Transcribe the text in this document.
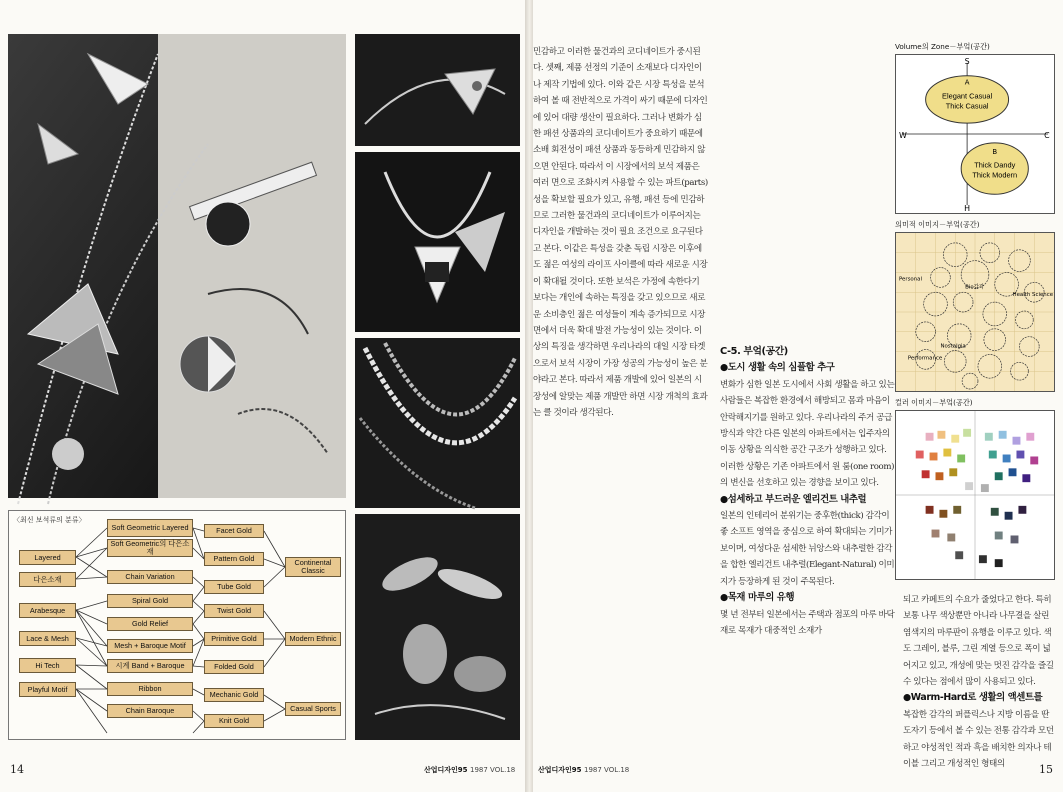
〈최신 보석류의 분류〉
Layered
다은소재
Arabesque
Lace & Mesh
Hi Tech
Playful Motif
Soft Geometric Layered
Soft Geometric의 다은소재
Chain Variation
Spiral Gold
Gold Relief
Mesh + Baroque Motif
시계 Band + Baroque
Ribbon
Chain Baroque
Facet Gold
Pattern Gold
Tube Gold
Twist Gold
Primitive Gold
Folded Gold
Mechanic Gold
Knit Gold
Continental Classic
Modern Ethnic
Casual Sports
14	산업디자인95 1987 VOL.18

민감하고 이러한 물건과의 코디네이트가 중시된다. 셋째, 제품 선정의 기준이 소재보다 디자인이나 제작 기법에 있다. 이와 같은 시장 특성을 분석하여 볼 때 전반적으로 가격이 싸기 때문에 디자인에 있어 대량 생산이 필요하다. 그러나 변화가 심한 패션 상품과의 코디네이트가 중요하기 때문에 소배 회전성이 패션 상품과 동등하게 민감하지 않으면 안된다. 따라서 이 시장에서의 보석 제품은 여러 면으로 조화시켜 사용할 수 있는 파트(parts)성을 확보할 필요가 있고, 유행, 패션 등에 민감하므로 그러한 물건과의 코디네이트가 이루어지는 디자인을 개발하는 것이 필요 조건으로 요구된다고 본다. 이같은 특성을 갖춘 독립 시장은 이후에도 젊은 여성의 라이프 사이클에 따라 새로운 시장이 확대될 것이다. 또한 보석은 가정에 속한다기 보다는 개인에 속하는 특징을 갖고 있으므로 새로운 소비층인 젊은 여성들이 계속 증가되므로 시장면에서 더욱 확대 발전 가능성이 있는 것이다. 이상의 특징을 생각하면 우리나라의 대일 시장 타겟으로서 보석 시장이 가장 성공의 가능성이 높은 분야라고 본다. 따라서 제품 개발에 있어 일본의 시장성에 알맞는 제품 개발만 하면 시장 개척의 효과는 클 것이라 생각된다.

C-5. 부엌(공간)
●도시 생활 속의 심플함 추구

변화가 심한 일본 도시에서 사회 생활을 하고 있는 사람들은 복잡한 환경에서 해방되고 몸과 마음이 안락해지기를 원하고 있다. 우리나라의 주거 공급 방식과 약간 다른 일본의 아파트에서는 입주자의 이동 상황을 의식한 공간 구조가 성행하고 있다. 이러한 상황은 기존 아파트에서 원 룸(one room)의 변신을 선호하고 있는 경향을 보이고 있다.

●섬세하고 부드러운 엘리건트 내추럴

일본의 인테리어 분위기는 중후한(thick) 감각이 좋 소프트 영역을 중심으로 하여 확대되는 기미가 보이며, 여성다운 섬세한 뉘앙스와 내추럴한 감각을 합한 엘리건트 내추럴(Elegant-Natural) 이미지가 등장하게 된 것이 주목된다.

●목재 마루의 유행

몇 년 전부터 일본에서는 주택과 점포의 마루 바닥재로 목재가 대중적인 소재가

되고 카페트의 수요가 줄었다고 한다. 특히 보통 나무 색상뿐만 아니라 나무결을 살린 염색지의 마루판이 유행을 이루고 있다. 색도 그레이, 블루, 그린 계열 등으로 폭이 넓어지고 있고, 개성에 맞는 멋진 감각을 즐길 수 있다는 점에서 많이 사용되고 있다.

●Warm-Hard로 생활의 액센트를

복잡한 감각의 퍼플릭스나 지방 이름을 딴 도자기 등에서 볼 수 있는 전통 감각과 모던하고 야성적인 적과 흑을 배치한 의자나 테이블 그리고 개성적인 형태의

Volume의 Zone－부엌(공간)
S
H
W	C
A
Elegant Casual
Thick Casual
B
Thick Dandy
Thick Modern
의미적 이미지－부엌(공간)
Personal
Health Science
Bio감각
Performance
Nostalgia
컬러 이미지－부엌(공간)
산업디자인95 1987 VOL.18	15
